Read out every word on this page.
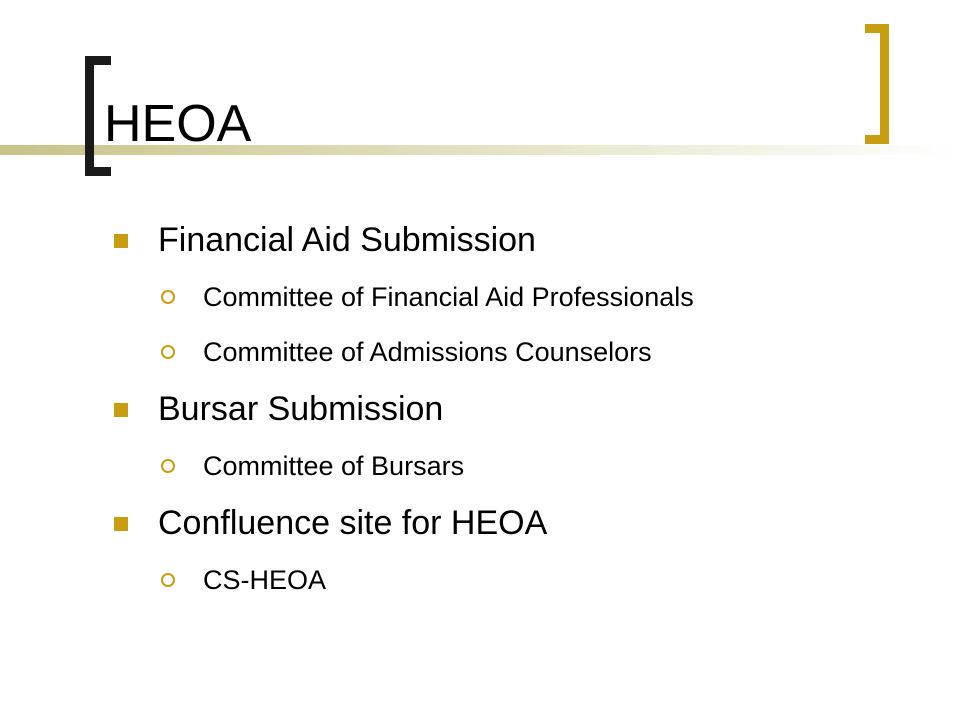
HEOA
Financial Aid Submission
Committee of Financial Aid Professionals
Committee of Admissions Counselors
Bursar Submission
Committee of Bursars
Confluence site for HEOA
CS-HEOA
